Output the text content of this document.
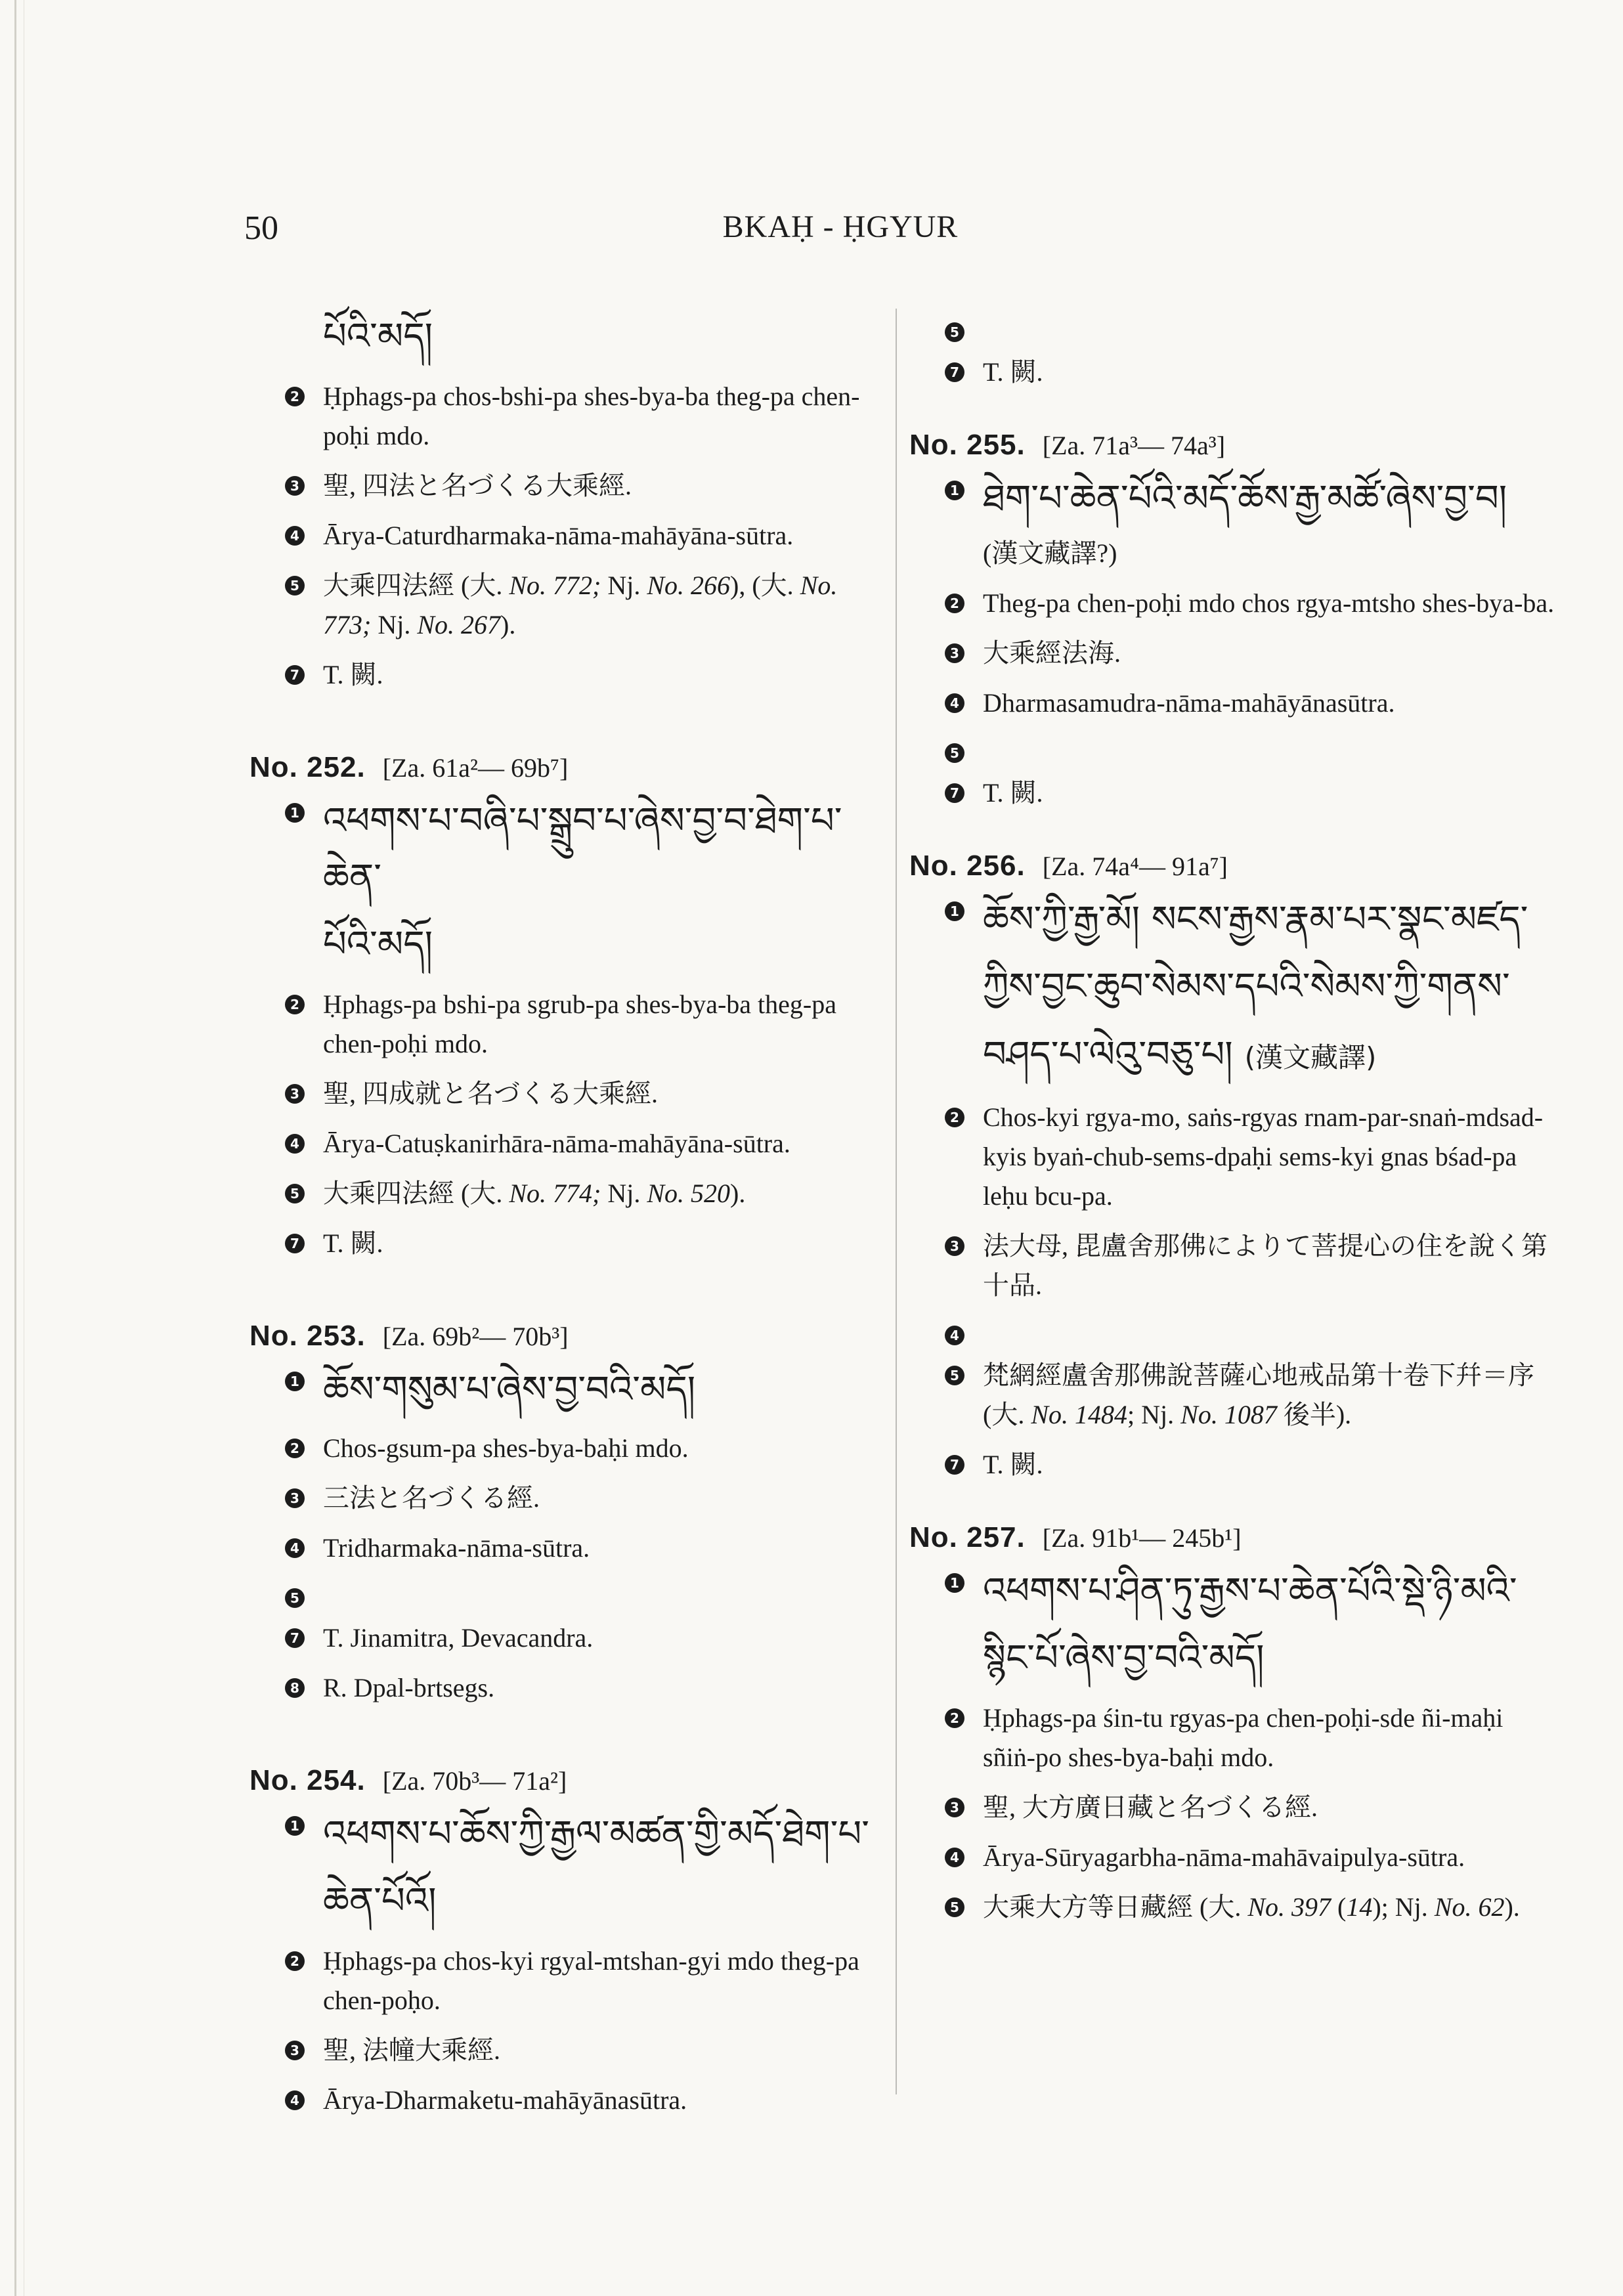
50	BKAḤ - ḤGYUR
པོའི་མདོ།
2 Ḥphags-pa chos-bshi-pa shes-bya-ba theg-pa chen-poḥi mdo.
3 聖, 四法と名づくる大乘經.
4 Ārya-Caturdharmaka-nāma-mahāyāna-sūtra.
5 大乘四法經 (大. No. 772; Nj. No. 266), (大. No. 773; Nj. No. 267).
7 T. 闕.
No. 252. [Za. 61a²— 69b⁷]
1 འཕགས་པ་བཞི་པ་སྒྲུབ་པ་ཞེས་བྱ་བ་ཐེག་པ་ཆེན་
པོའི་མདོ།
2 Ḥphags-pa bshi-pa sgrub-pa shes-bya-ba theg-pa chen-poḥi mdo.
3 聖, 四成就と名づくる大乘經.
4 Ārya-Catuṣkanirhāra-nāma-mahāyāna-sūtra.
5 大乘四法經 (大. No. 774; Nj. No. 520).
7 T. 闕.
No. 253. [Za. 69b²— 70b³]
1 ཆོས་གསུམ་པ་ཞེས་བྱ་བའི་མདོ།
2 Chos-gsum-pa shes-bya-baḥi mdo.
3 三法と名づくる經.
4 Tridharmaka-nāma-sūtra.
5
7 T. Jinamitra, Devacandra.
8 R. Dpal-brtsegs.
No. 254. [Za. 70b³— 71a²]
1 འཕགས་པ་ཆོས་ཀྱི་རྒྱལ་མཚན་གྱི་མདོ་ཐེག་པ་
ཆེན་པོའོ།
2 Ḥphags-pa chos-kyi rgyal-mtshan-gyi mdo theg-pa chen-poḥo.
3 聖, 法幢大乘經.
4 Ārya-Dharmaketu-mahāyānasūtra.
5
7 T. 闕.
No. 255. [Za. 71a³— 74a³]
1 ཐེག་པ་ཆེན་པོའི་མདོ་ཆོས་རྒྱ་མཚོ་ཞེས་བྱ་བ།
(漢文藏譯?)
2 Theg-pa chen-poḥi mdo chos rgya-mtsho shes-bya-ba.
3 大乘經法海.
4 Dharmasamudra-nāma-mahāyānasūtra.
5
7 T. 闕.
No. 256. [Za. 74a⁴— 91a⁷]
1 ཆོས་ཀྱི་རྒྱ་མོ། སངས་རྒྱས་རྣམ་པར་སྣང་མཛད་
ཀྱིས་བྱང་ཆུབ་སེམས་དཔའི་སེམས་ཀྱི་གནས་
བཤད་པ་ལེའུ་བཅུ་པ། (漢文藏譯)
2 Chos-kyi rgya-mo, saṅs-rgyas rnam-par-snaṅ-mdsad-kyis byaṅ-chub-sems-dpaḥi sems-kyi gnas bśad-pa leḥu bcu-pa.
3 法大母, 毘盧舍那佛によりて菩提心の住を說く第十品.
4
5 梵網經盧舍那佛說菩薩心地戒品第十卷下幷＝序 (大. No. 1484; Nj. No. 1087 後半).
7 T. 闕.
No. 257. [Za. 91b¹— 245b¹]
1 འཕགས་པ་ཤིན་ཏུ་རྒྱས་པ་ཆེན་པོའི་སྡེ་ཉི་མའི་
སྙིང་པོ་ཞེས་བྱ་བའི་མདོ།
2 Ḥphags-pa śin-tu rgyas-pa chen-poḥi-sde ñi-maḥi sñiṅ-po shes-bya-baḥi mdo.
3 聖, 大方廣日藏と名づくる經.
4 Ārya-Sūryagarbha-nāma-mahāvaipulya-sūtra.
5 大乘大方等日藏經 (大. No. 397 (14); Nj. No. 62).
